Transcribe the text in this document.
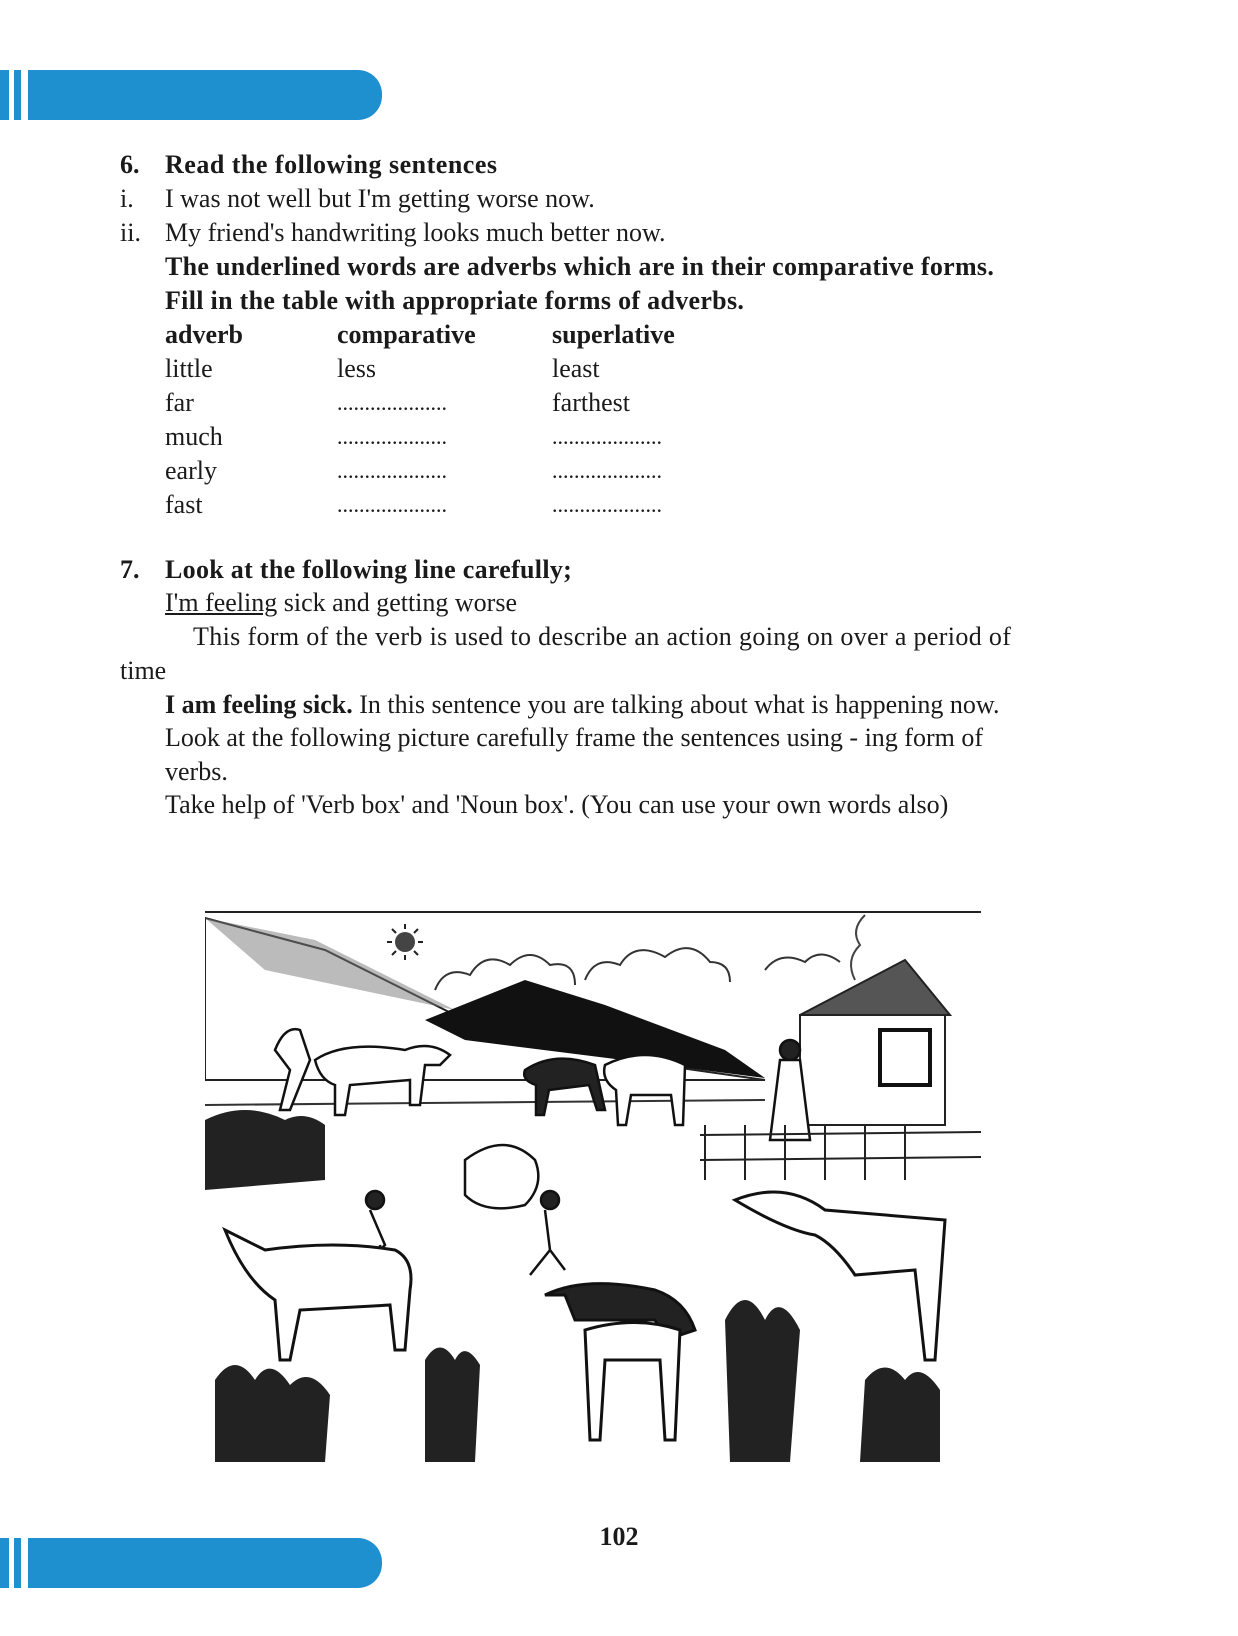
6. Read the following sentences
i. I was not well but I'm getting worse now.
ii. My friend's handwriting looks much better now.
The underlined words are adverbs which are in their comparative forms.
Fill in the table with appropriate forms of adverbs.
adverb	comparative	superlative
little	less	least
far	....................	farthest
much	....................	....................
early	....................	....................
fast	....................	....................
7. Look at the following line carefully;
I'm feeling sick and getting worse
This form of the verb is used to describe an action going on over a period of
time
I am feeling sick. In this sentence you are talking about what is happening now.
Look at the following picture carefully frame the sentences using - ing form of
verbs.
Take help of 'Verb box' and 'Noun box'. (You can use your own words also)
102
